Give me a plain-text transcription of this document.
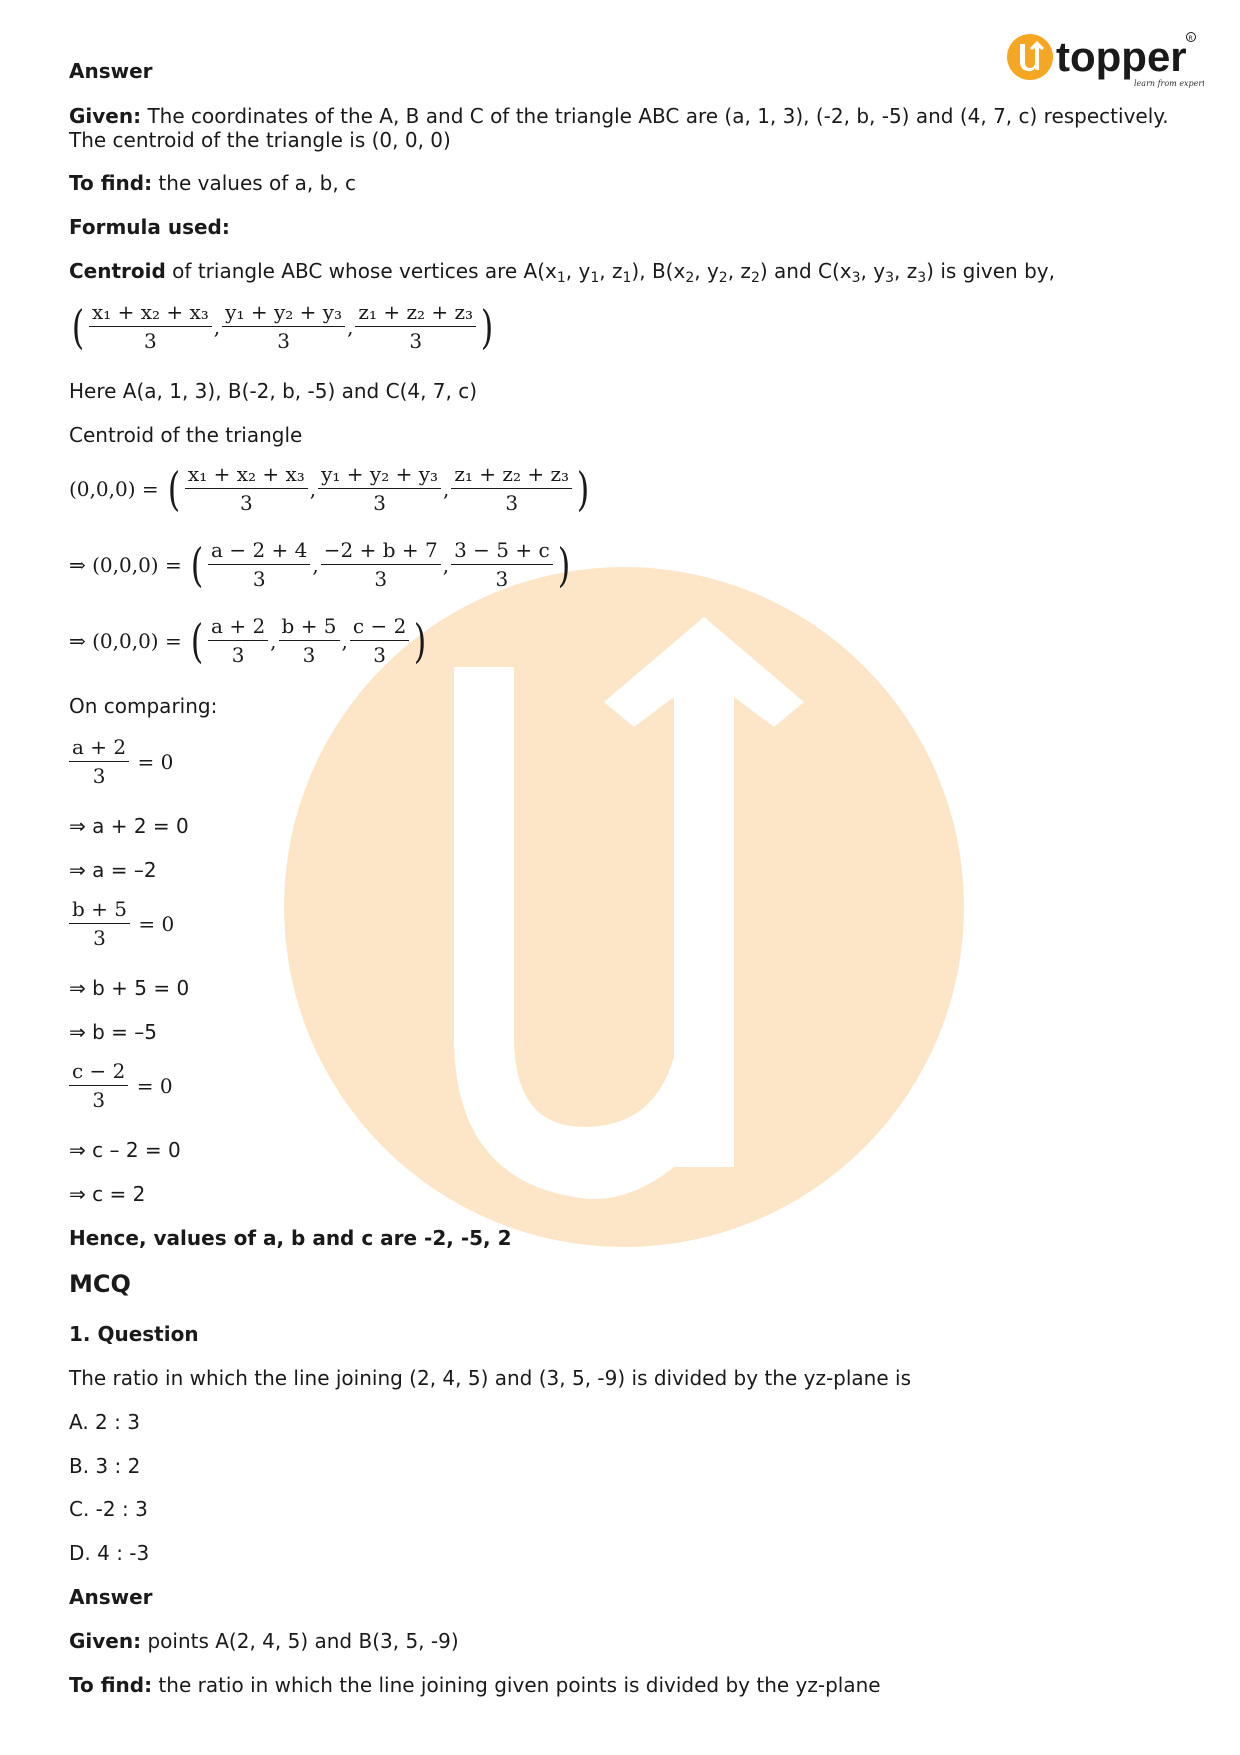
topper
learn from experts
R
Answer
Given: The coordinates of the A, B and C of the triangle ABC are (a, 1, 3), (-2, b, -5) and (4, 7, c) respectively.
The centroid of the triangle is (0, 0, 0)
To find: the values of a, b, c
Formula used:
Centroid of triangle ABC whose vertices are $A(x_1$, $y_1$, $z_1$), $B(x_2$, $y_2$, $z_2$) and $C(x_3$, $y_3$, $z_3$) is given by,
( $\frac{\text{x₁ + x₂ + x₃}}{3}$ , $\frac{\text{y₁ + y₂ + y₃}}{3}$ , $\frac{\text{z₁ + z₂ + z₃}}{3}$ )
Here A(a, 1, 3), B(-2, b, -5) and C(4, 7, c)
Centroid of the triangle
(0,0,0) =
( $\frac{\text{x₁ + x₂ + x₃}}{3}$ , $\frac{\text{y₁ + y₂ + y₃}}{3}$ , $\frac{\text{z₁ + z₂ + z₃}}{3}$ )
⇒ (0,0,0) =
( $\frac{a - 2 + 4}{3}$ , $\frac{-2 + b + 7}{3}$ , $\frac{3 - 5 + c}{3}$ )
⇒ (0,0,0) =
( $\frac{a + 2}{3}$ , $\frac{b + 5}{3}$ , $\frac{c - 2}{3}$ )
On comparing:
$\frac{a + 2}{3}$
= 0
⇒ a + 2 = 0
⇒ a = –2
$\frac{b + 5}{3}$
= 0
⇒ b + 5 = 0
⇒ b = –5
$\frac{c - 2}{3}$
= 0
⇒ c – 2 = 0
⇒ c = 2
Hence, values of a, b and c are -2, -5, 2
MCQ
1. Question
The ratio in which the line joining (2, 4, 5) and (3, 5, -9) is divided by the yz-plane is
A. 2 : 3
B. 3 : 2
C. -2 : 3
D. 4 : -3
Answer
Given: points A(2, 4, 5) and B(3, 5, -9)
To find: the ratio in which the line joining given points is divided by the yz-plane
